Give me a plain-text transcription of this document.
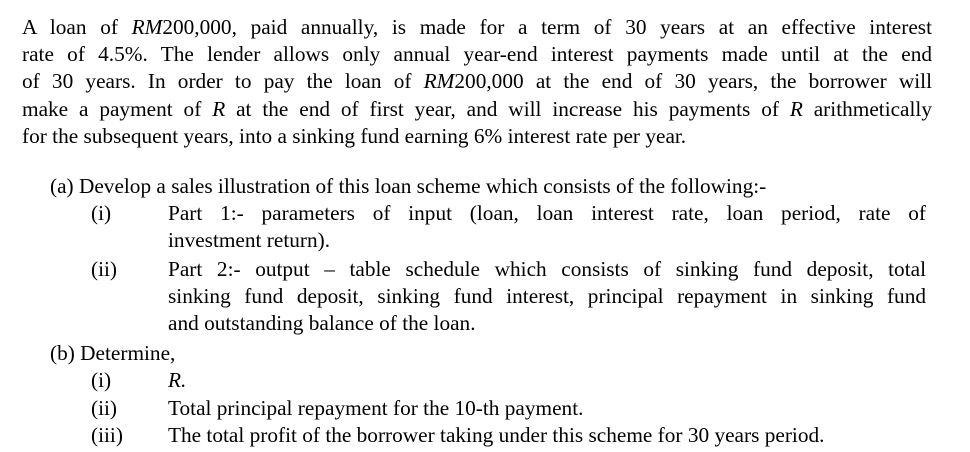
A loan of RM200,000, paid annually, is made for a term of 30 years at an effective interest
rate of 4.5%. The lender allows only annual year-end interest payments made until at the end
of 30 years. In order to pay the loan of RM200,000 at the end of 30 years, the borrower will
make a payment of R at the end of first year, and will increase his payments of R arithmetically
for the subsequent years, into a sinking fund earning 6% interest rate per year.
(a) Develop a sales illustration of this loan scheme which consists of the following:-
(i)	Part 1:- parameters of input (loan, loan interest rate, loan period, rate of
investment return).
(ii) Part 2:- output – table schedule which consists of sinking fund deposit, total
sinking fund deposit, sinking fund interest, principal repayment in sinking fund
and outstanding balance of the loan.
(b) Determine,
(i)	R.
(ii) Total principal repayment for the 10-th payment.
(iii) The total profit of the borrower taking under this scheme for 30 years period.
